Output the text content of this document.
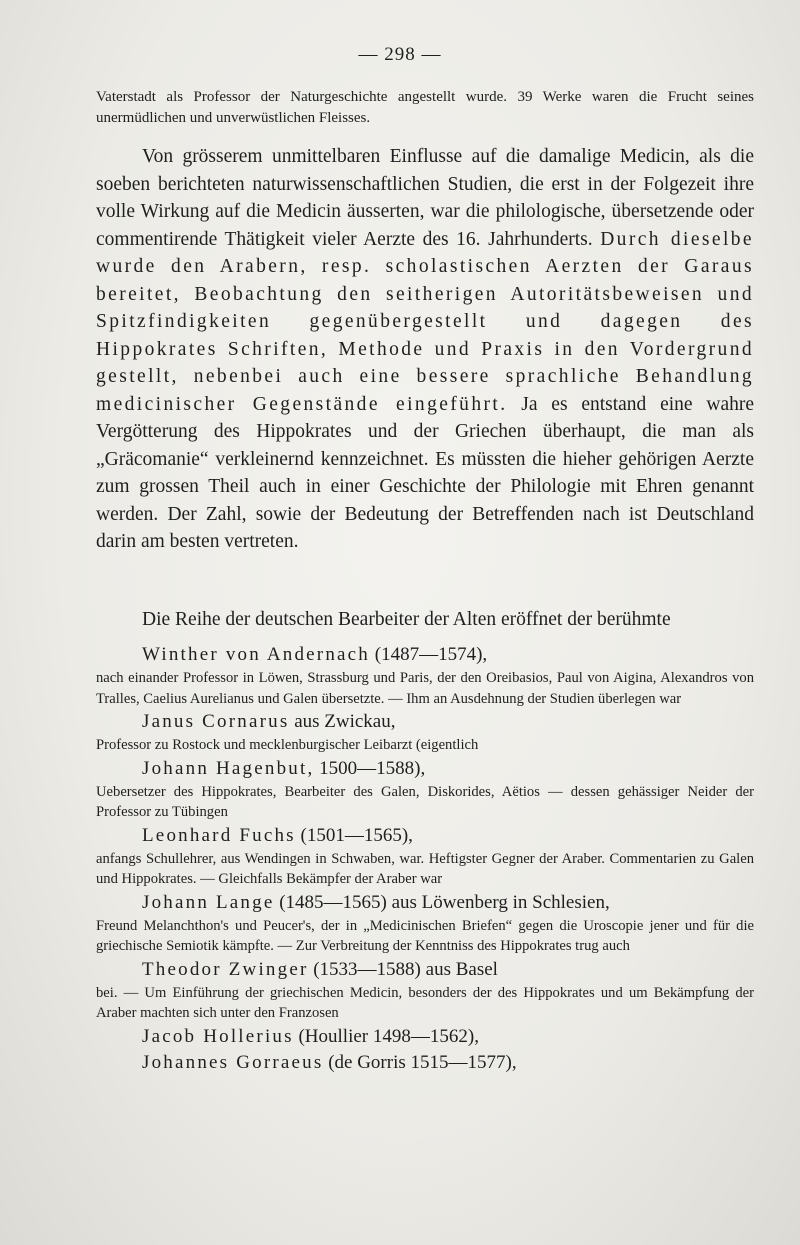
— 298 —

Vaterstadt als Professor der Naturgeschichte angestellt wurde. 39 Werke waren die Frucht seines unermüdlichen und unverwüstlichen Fleisses.

Von grösserem unmittelbaren Einflusse auf die damalige Medicin, als die soeben berichteten naturwissenschaftlichen Studien, die erst in der Folgezeit ihre volle Wirkung auf die Medicin äusserten, war die philologische, übersetzende oder commentirende Thätigkeit vieler Aerzte des 16. Jahrhunderts. Durch dieselbe wurde den Arabern, resp. scholastischen Aerzten der Garaus bereitet, Beobachtung den seitherigen Autoritätsbeweisen und Spitzfindigkeiten gegenübergestellt und dagegen des Hippokrates Schriften, Methode und Praxis in den Vordergrund gestellt, nebenbei auch eine bessere sprachliche Behandlung medicinischer Gegenstände eingeführt. Ja es entstand eine wahre Vergötterung des Hippokrates und der Griechen überhaupt, die man als „Gräcomanie“ verkleinernd kennzeichnet. Es müssten die hieher gehörigen Aerzte zum grossen Theil auch in einer Geschichte der Philologie mit Ehren genannt werden. Der Zahl, sowie der Bedeutung der Betreffenden nach ist Deutschland darin am besten vertreten.

Die Reihe der deutschen Bearbeiter der Alten eröffnet der berühmte

Winther von Andernach (1487—1574),

nach einander Professor in Löwen, Strassburg und Paris, der den Oreibasios, Paul von Aigina, Alexandros von Tralles, Caelius Aurelianus und Galen übersetzte. — Ihm an Ausdehnung der Studien überlegen war

Janus Cornarus aus Zwickau,

Professor zu Rostock und mecklenburgischer Leibarzt (eigentlich

Johann Hagenbut, 1500—1588),

Uebersetzer des Hippokrates, Bearbeiter des Galen, Diskorides, Aëtios — dessen gehässiger Neider der Professor zu Tübingen

Leonhard Fuchs (1501—1565),

anfangs Schullehrer, aus Wendingen in Schwaben, war. Heftigster Gegner der Araber. Commentarien zu Galen und Hippokrates. — Gleichfalls Bekämpfer der Araber war

Johann Lange (1485—1565) aus Löwenberg in Schlesien,

Freund Melanchthon's und Peucer's, der in „Medicinischen Briefen“ gegen die Uroscopie jener und für die griechische Semiotik kämpfte. — Zur Verbreitung der Kenntniss des Hippokrates trug auch

Theodor Zwinger (1533—1588) aus Basel

bei. — Um Einführung der griechischen Medicin, besonders der des Hippokrates und um Bekämpfung der Araber machten sich unter den Franzosen

Jacob Hollerius (Houllier 1498—1562),

Johannes Gorraeus (de Gorris 1515—1577),
